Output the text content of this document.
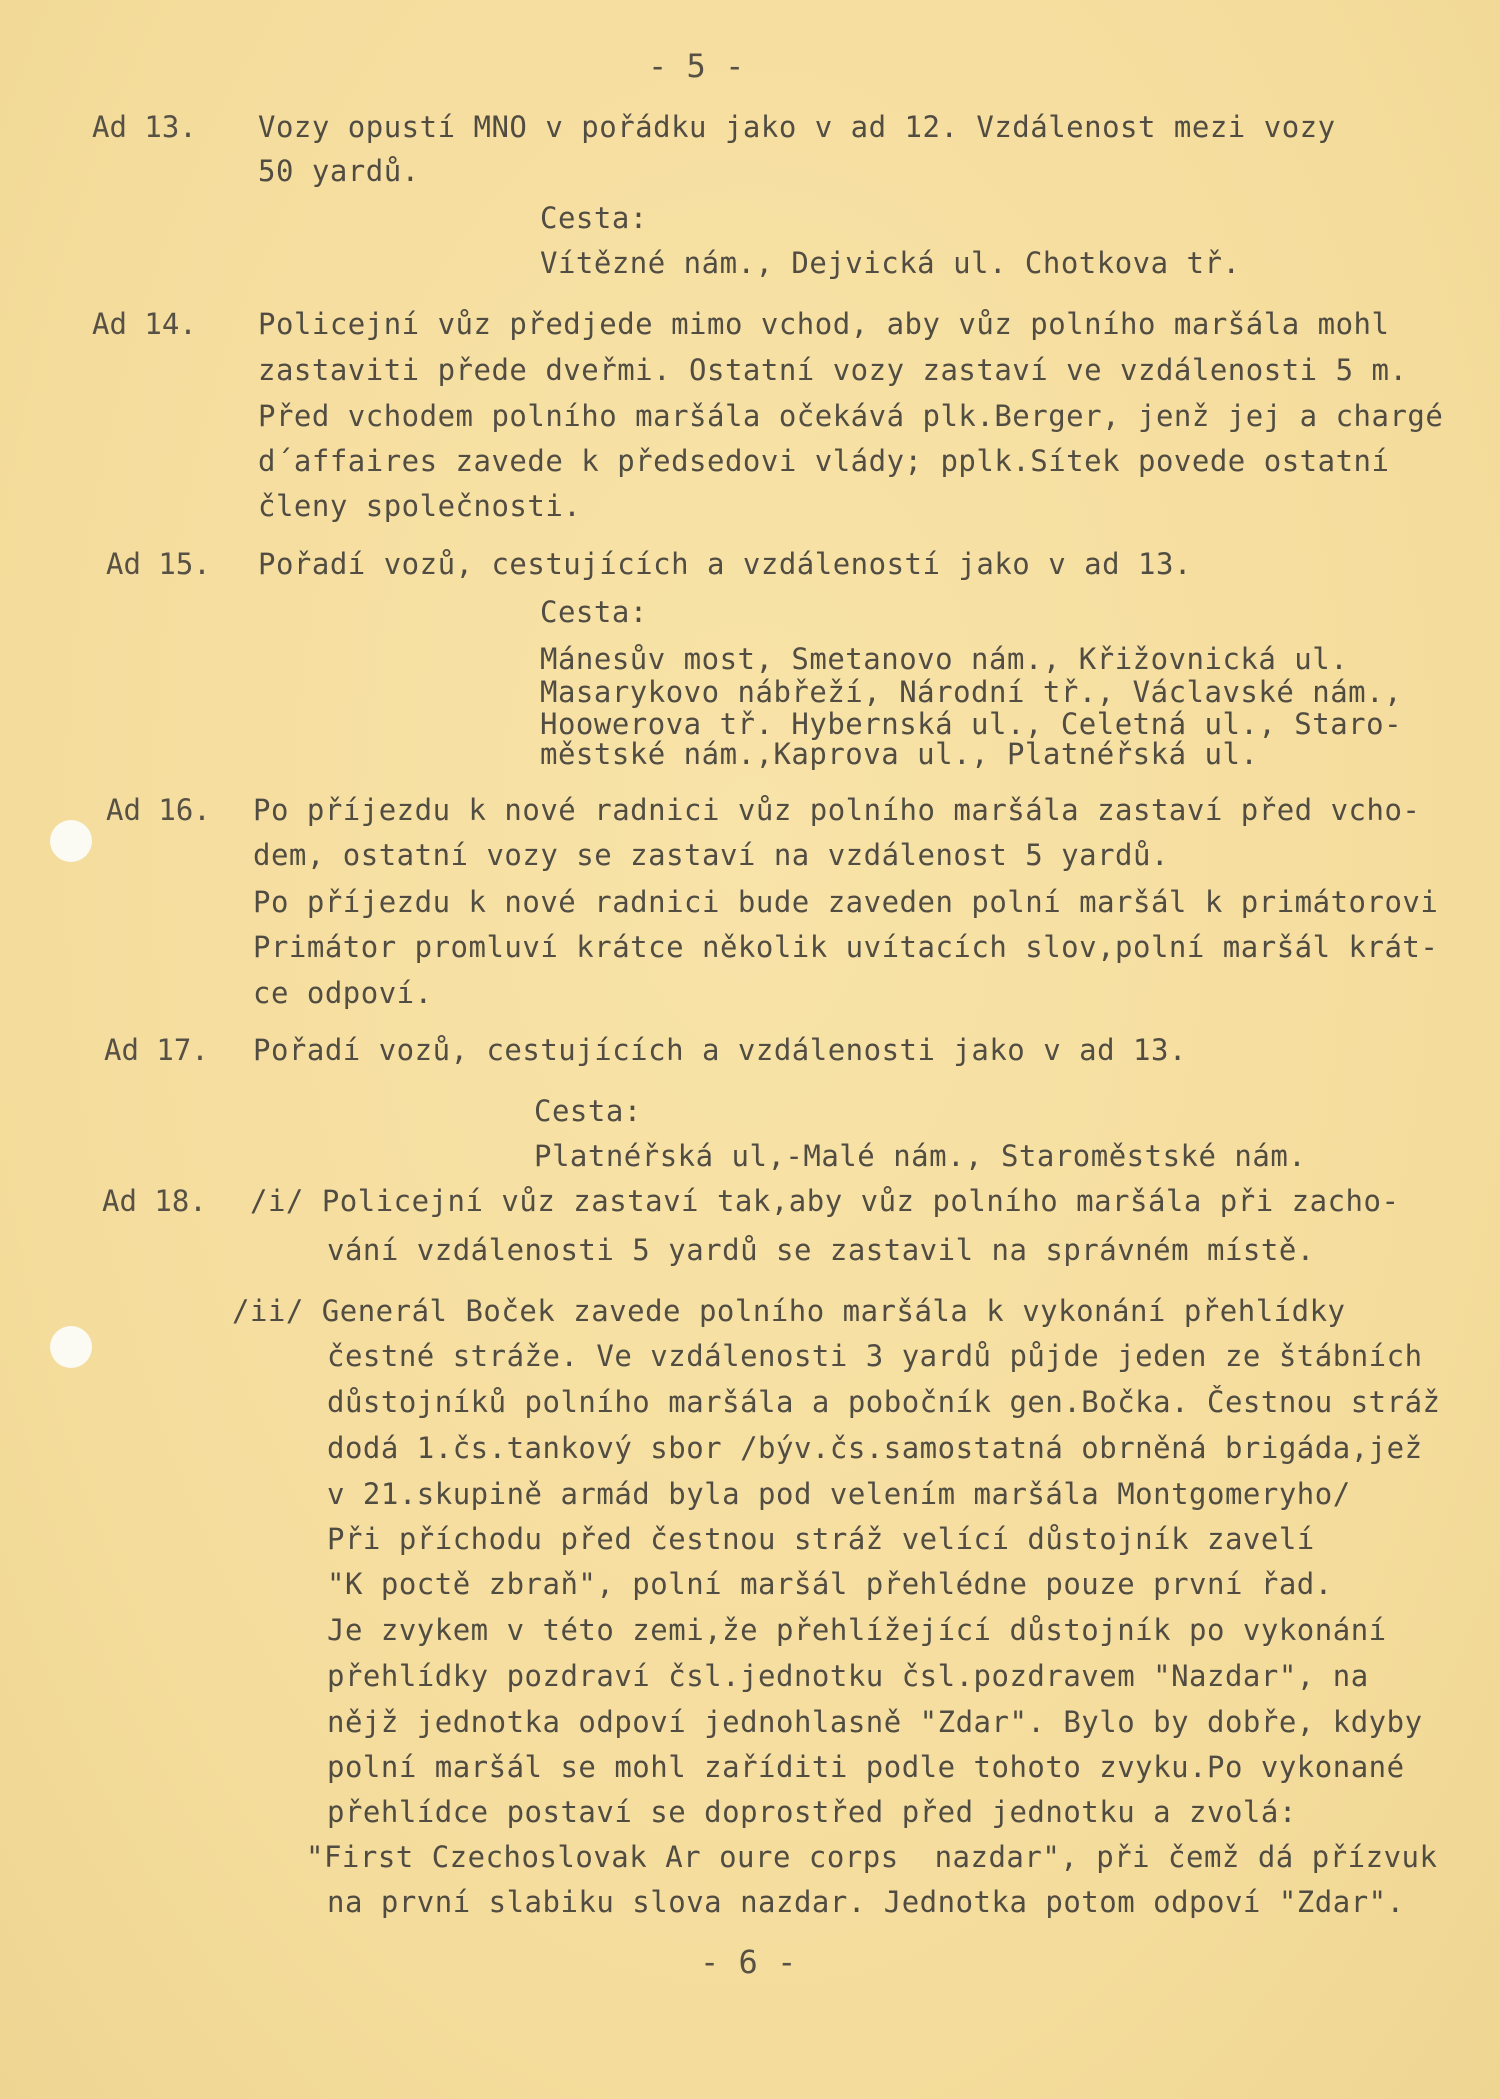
- 5 -
Ad 13. Vozy opustí MNO v pořádku jako v ad 12. Vzdálenost mezi vozy
50 yardů.
Cesta:
Vítězné nám., Dejvická ul. Chotkova tř.
Ad 14. Policejní vůz předjede mimo vchod, aby vůz polního maršála mohl
zastaviti přede dveřmi. Ostatní vozy zastaví ve vzdálenosti 5 m.
Před vchodem polního maršála očekává plk.Berger, jenž jej a chargé
d´affaires zavede k předsedovi vlády; pplk.Sítek povede ostatní
členy společnosti.
Ad 15. Pořadí vozů, cestujících a vzdáleností jako v ad 13.
Cesta:
Mánesův most, Smetanovo nám., Křižovnická ul.
Masarykovo nábřeží, Národní tř., Václavské nám.,
Hoowerova tř. Hybernská ul., Celetná ul., Staro-
městské nám.,Kaprova ul., Platnéřská ul.
Ad 16. Po příjezdu k nové radnici vůz polního maršála zastaví před vcho-
dem, ostatní vozy se zastaví na vzdálenost 5 yardů.
Po příjezdu k nové radnici bude zaveden polní maršál k primátorovi
Primátor promluví krátce několik uvítacích slov,polní maršál krát-
ce odpoví.
Ad 17. Pořadí vozů, cestujících a vzdálenosti jako v ad 13.
Cesta:
Platnéřská ul,-Malé nám., Staroměstské nám.
Ad 18. /i/ Policejní vůz zastaví tak,aby vůz polního maršála při zacho-
vání vzdálenosti 5 yardů se zastavil na správném místě.
/ii/ Generál Boček zavede polního maršála k vykonání přehlídky
čestné stráže. Ve vzdálenosti 3 yardů půjde jeden ze štábních
důstojníků polního maršála a pobočník gen.Bočka. Čestnou stráž
dodá 1.čs.tankový sbor /býv.čs.samostatná obrněná brigáda,jež
v 21.skupině armád byla pod velením maršála Montgomeryho/
Při příchodu před čestnou stráž velící důstojník zavelí
"K poctě zbraň", polní maršál přehlédne pouze první řad.
Je zvykem v této zemi,že přehlížející důstojník po vykonání
přehlídky pozdraví čsl.jednotku čsl.pozdravem "Nazdar", na
nějž jednotka odpoví jednohlasně "Zdar". Bylo by dobře, kdyby
polní maršál se mohl zaříditi podle tohoto zvyku.Po vykonané
přehlídce postaví se doprostřed před jednotku a zvolá:
"First Czechoslovak Ar oure corps  nazdar", při čemž dá přízvuk
na první slabiku slova nazdar. Jednotka potom odpoví "Zdar".
- 6 -
